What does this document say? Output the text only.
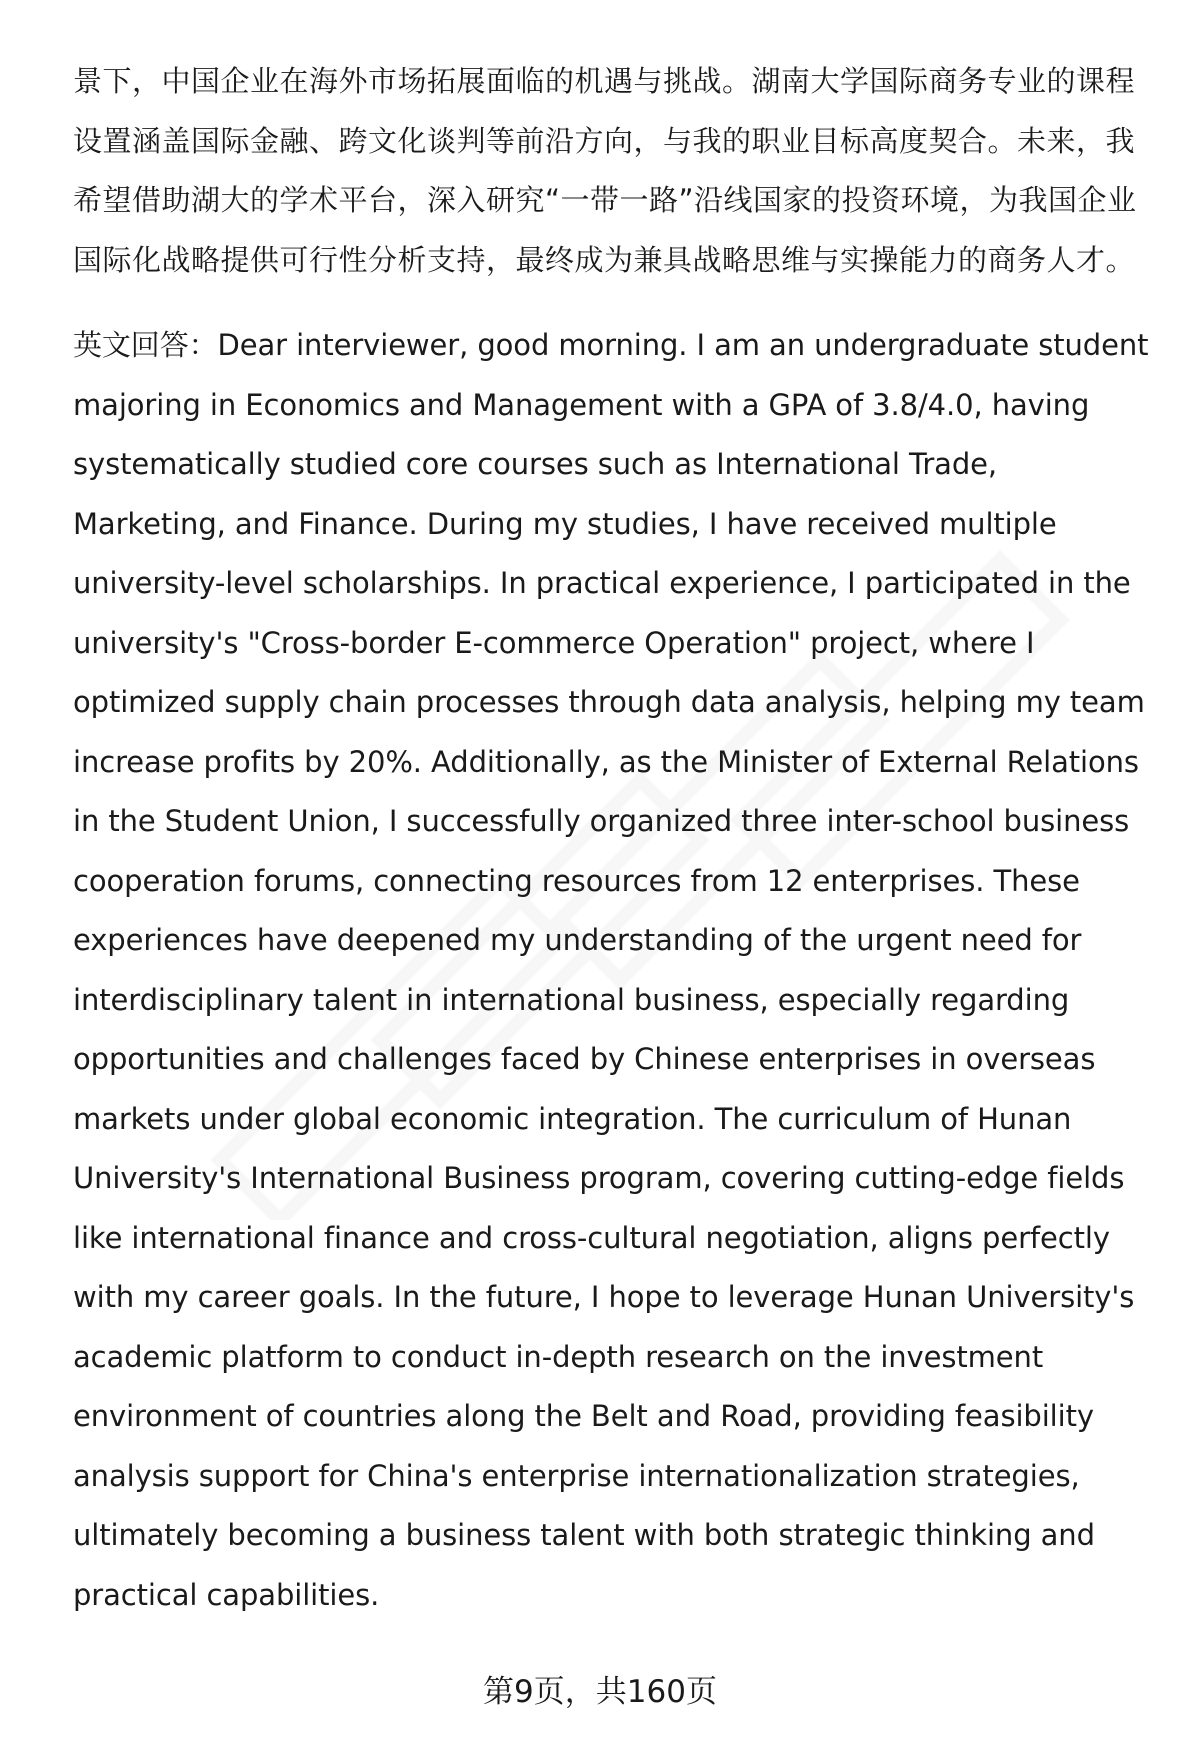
景下，中国企业在海外市场拓展面临的机遇与挑战。湖南大学国际商务专业的课程设置涵盖国际金融、跨文化谈判等前沿方向，与我的职业目标高度契合。未来，我希望借助湖大的学术平台，深入研究“一带一路”沿线国家的投资环境，为我国企业国际化战略提供可行性分析支持，最终成为兼具战略思维与实操能力的商务人才。

英文回答：Dear interviewer, good morning. I am an undergraduate student majoring in Economics and Management with a GPA of 3.8/4.0, having systematically studied core courses such as International Trade, Marketing, and Finance. During my studies, I have received multiple university-level scholarships. In practical experience, I participated in the university's "Cross-border E-commerce Operation" project, where I optimized supply chain processes through data analysis, helping my team increase profits by 20%. Additionally, as the Minister of External Relations in the Student Union, I successfully organized three inter-school business cooperation forums, connecting resources from 12 enterprises. These experiences have deepened my understanding of the urgent need for interdisciplinary talent in international business, especially regarding opportunities and challenges faced by Chinese enterprises in overseas markets under global economic integration. The curriculum of Hunan University's International Business program, covering cutting-edge fields like international finance and cross-cultural negotiation, aligns perfectly with my career goals. In the future, I hope to leverage Hunan University's academic platform to conduct in-depth research on the investment environment of countries along the Belt and Road, providing feasibility analysis support for China's enterprise internationalization strategies, ultimately becoming a business talent with both strategic thinking and practical capabilities.

第9页，共160页
